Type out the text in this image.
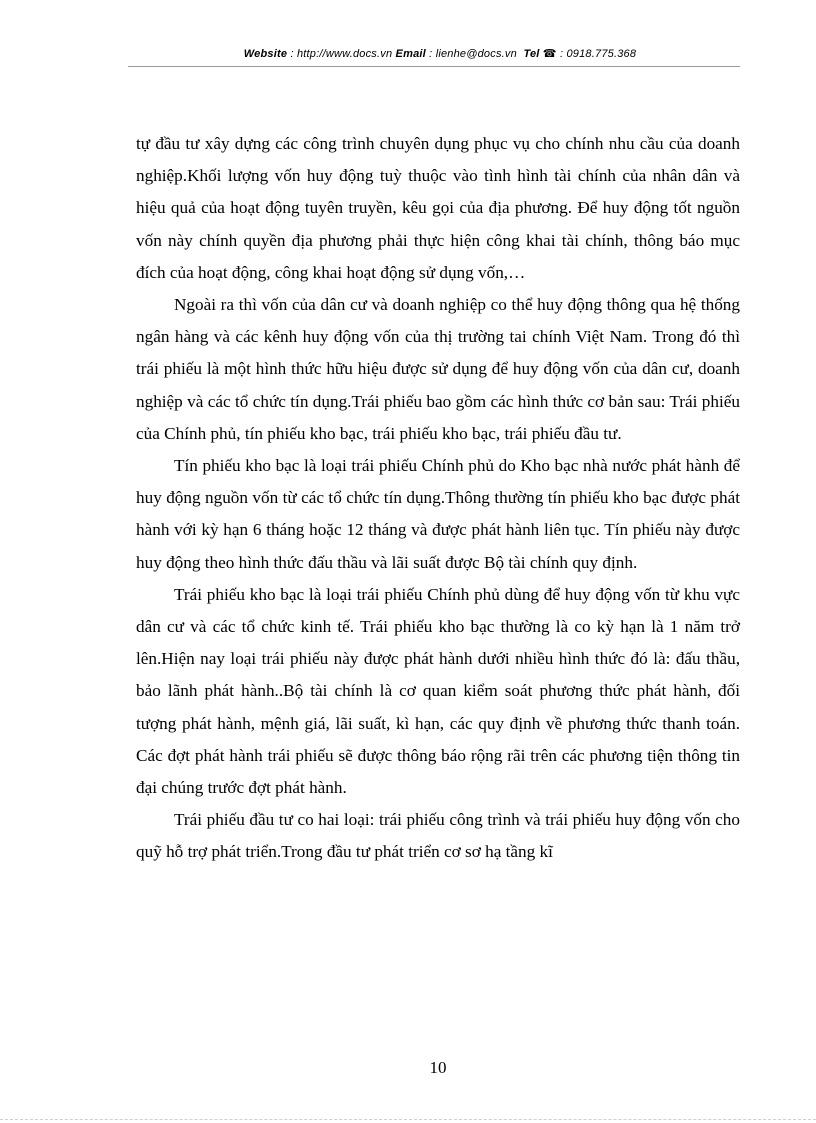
Website : http://www.docs.vn Email : lienhe@docs.vn Tel ☎ : 0918.775.368

tự đầu tư xây dựng các công trình chuyên dụng phục vụ cho chính nhu cầu của doanh nghiệp.Khối lượng vốn huy động tuỳ thuộc vào tình hình tài chính của nhân dân và hiệu quả của hoạt động tuyên truyền, kêu gọi của địa phương. Để huy động tốt nguồn vốn này chính quyền địa phương phải thực hiện công khai tài chính, thông báo mục đích của hoạt động, công khai hoạt động sử dụng vốn,…

Ngoài ra thì vốn của dân cư và doanh nghiệp co thể huy động thông qua hệ thống ngân hàng và các kênh huy động vốn của thị trường tai chính Việt Nam. Trong đó thì trái phiếu là một hình thức hữu hiệu được sử dụng để huy động vốn của dân cư, doanh nghiệp và các tổ chức tín dụng.Trái phiếu bao gồm các hình thức cơ bản sau: Trái phiếu của Chính phủ, tín phiếu kho bạc, trái phiếu kho bạc, trái phiếu đầu tư.

Tín phiếu kho bạc là loại trái phiếu Chính phủ do Kho bạc nhà nước phát hành để huy động nguồn vốn từ các tổ chức tín dụng.Thông thường tín phiếu kho bạc được phát hành với kỳ hạn 6 tháng hoặc 12 tháng và được phát hành liên tục. Tín phiếu này được huy động theo hình thức đấu thầu và lãi suất được Bộ tài chính quy định.

Trái phiếu kho bạc là loại trái phiếu Chính phủ dùng để huy động vốn từ khu vực dân cư và các tổ chức kinh tế. Trái phiếu kho bạc thường là co kỳ hạn là 1 năm trở lên.Hiện nay loại trái phiếu này được phát hành dưới nhiều hình thức đó là: đấu thầu, bảo lãnh phát hành..Bộ tài chính là cơ quan kiểm soát phương thức phát hành, đối tượng phát hành, mệnh giá, lãi suất, kì hạn, các quy định về phương thức thanh toán. Các đợt phát hành trái phiếu sẽ được thông báo rộng rãi trên các phương tiện thông tin đại chúng trước đợt phát hành.

Trái phiếu đầu tư co hai loại: trái phiếu công trình và trái phiếu huy động vốn cho quỹ hỗ trợ phát triển.Trong đầu tư phát triển cơ sơ hạ tầng kĩ

10
